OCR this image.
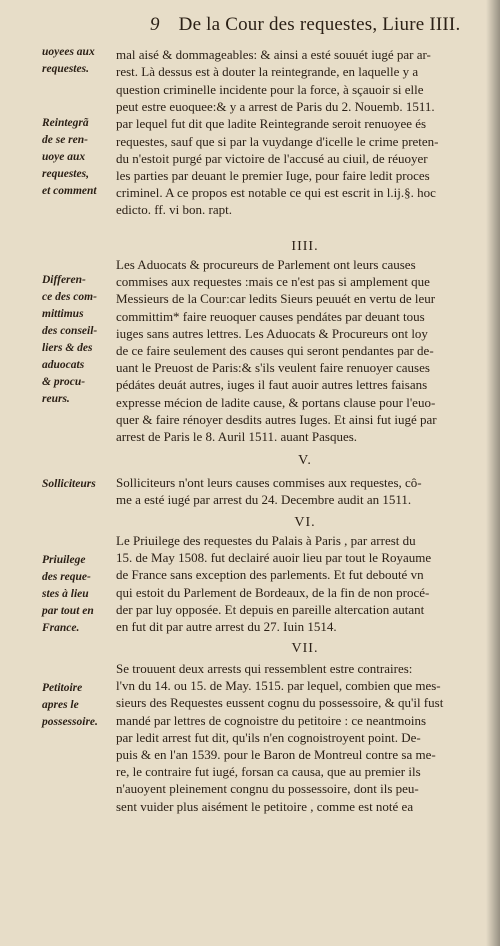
9 De la Cour des requestes, Liure IIII.
uoyees aux
requestes.
mal aisé & dommageables: & ainsi a esté souuét iugé par ar-
rest. Là dessus est à douter la reintegrande, en laquelle y a
Reintegrã
de se ren-
uoye aux
requestes,
et comment
question criminelle incidente pour la force, à sçauoir si elle
peut estre euoquee:& y a arrest de Paris du 2. Nouemb. 1511.
par lequel fut dit que ladite Reintegrande seroit renuoyee és
requestes, sauf que si par la vuydange d'icelle le crime preten-
du n'estoit purgé par victoire de l'accusé au ciuil, de réuoyer
les parties par deuant le premier Iuge, pour faire ledit proces
criminel. A ce propos est notable ce qui est escrit in l.ij.§. hoc
edicto. ff. vi bon. rapt.
IIII.
Differen-
ce des com-
mittimus
des conseil-
liers & des
aduocats
& procu-
reurs.
Les Aduocats & procureurs de Parlement ont leurs causes
commises aux requestes :mais ce n'est pas si amplement que
Messieurs de la Cour:car ledits Sieurs peuuét en vertu de leur
committim* faire reuoquer causes pendátes par deuant tous
iuges sans autres lettres. Les Aduocats & Procureurs ont loy
de ce faire seulement des causes qui seront pendantes par de-
uant le Preuost de Paris:& s'ils veulent faire renuoyer causes
pédátes deuát autres, iuges il faut auoir autres lettres faisans
expresse mécion de ladite cause, & portans clause pour l'euo-
quer & faire rénoyer desdits autres Iuges. Et ainsi fut iugé par
arrest de Paris le 8. Auril 1511. auant Pasques.
V.
Solliciteurs	Solliciteurs n'ont leurs causes commises aux requestes, cô-
me a esté iugé par arrest du 24. Decembre audit an 1511.
VI.
Priuilege
des reque-
stes à lieu
par tout en
France.
Le Priuilege des requestes du Palais à Paris , par arrest du
15. de May 1508. fut declairé auoir lieu par tout le Royaume
de France sans exception des parlements. Et fut debouté vn
qui estoit du Parlement de Bordeaux, de la fin de non procé-
der par luy opposée. Et depuis en pareille altercation autant
en fut dit par autre arrest du 27. Iuin 1514.
VII.
Petitoire
apres le
possessoire.
Se trouuent deux arrests qui ressemblent estre contraires:
l'vn du 14. ou 15. de May. 1515. par lequel, combien que mes-
sieurs des Requestes eussent cognu du possessoire, & qu'il fust
mandé par lettres de cognoistre du petitoire : ce neantmoins
par ledit arrest fut dit, qu'ils n'en cognoistroyent point. De-
puis & en l'an 1539. pour le Baron de Montreul contre sa me-
re, le contraire fut iugé, forsan ca causa, que au premier ils
n'auoyent pleinement congnu du possessoire, dont ils peu-
sent vuider plus aisément le petitoire , comme est noté ea
